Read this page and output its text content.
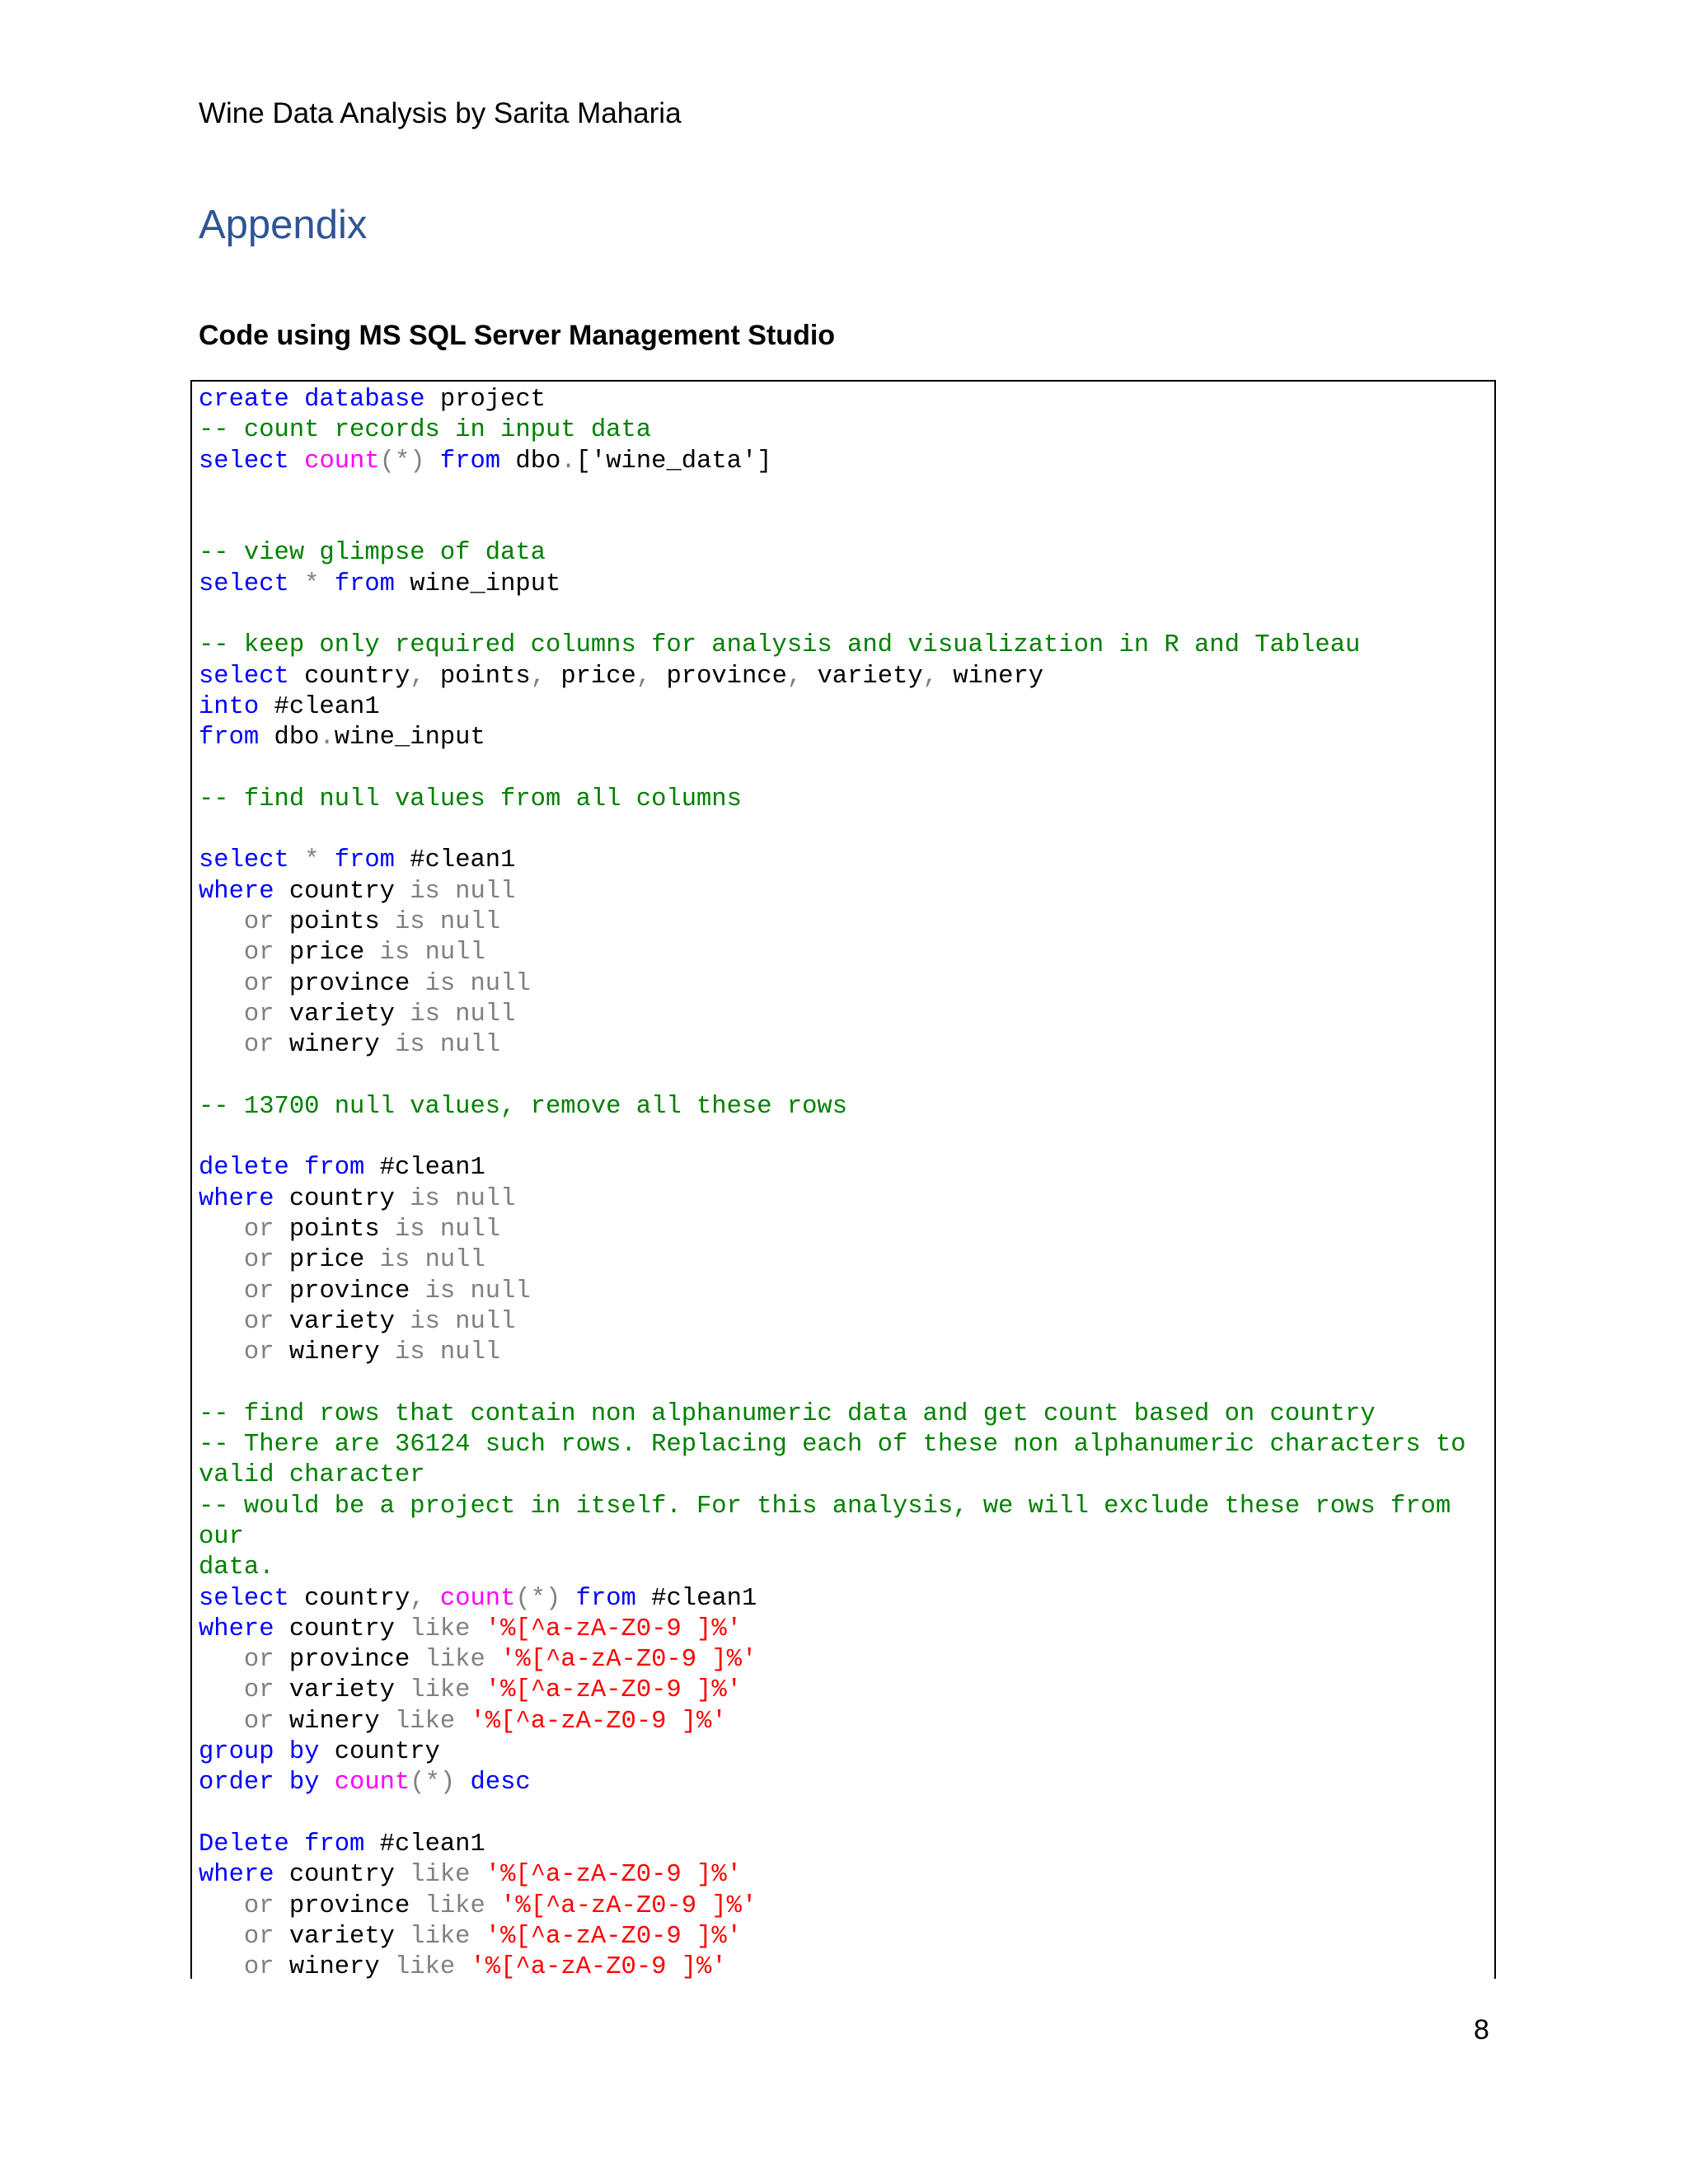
Wine Data Analysis by Sarita Maharia
Appendix
Code using MS SQL Server Management Studio
create database project
-- count records in input data
select count(*) from dbo.['wine_data']

-- view glimpse of data
select * from wine_input

-- keep only required columns for analysis and visualization in R and Tableau
select country, points, price, province, variety, winery
into #clean1
from dbo.wine_input

-- find null values from all columns

select * from #clean1
where country is null
or points is null
or price is null
or province is null
or variety is null
or winery is null

-- 13700 null values, remove all these rows

delete from #clean1
where country is null
or points is null
or price is null
or province is null
or variety is null
or winery is null

-- find rows that contain non alphanumeric data and get count based on country
-- There are 36124 such rows. Replacing each of these non alphanumeric characters to
valid character
-- would be a project in itself. For this analysis, we will exclude these rows from our
data.
select country, count(*) from #clean1
where country like '%[^a-zA-Z0-9 ]%'
or province like '%[^a-zA-Z0-9 ]%'
or variety like '%[^a-zA-Z0-9 ]%'
or winery like '%[^a-zA-Z0-9 ]%'
group by country
order by count(*) desc

Delete from #clean1
where country like '%[^a-zA-Z0-9 ]%'
or province like '%[^a-zA-Z0-9 ]%'
or variety like '%[^a-zA-Z0-9 ]%'
or winery like '%[^a-zA-Z0-9 ]%'
8
